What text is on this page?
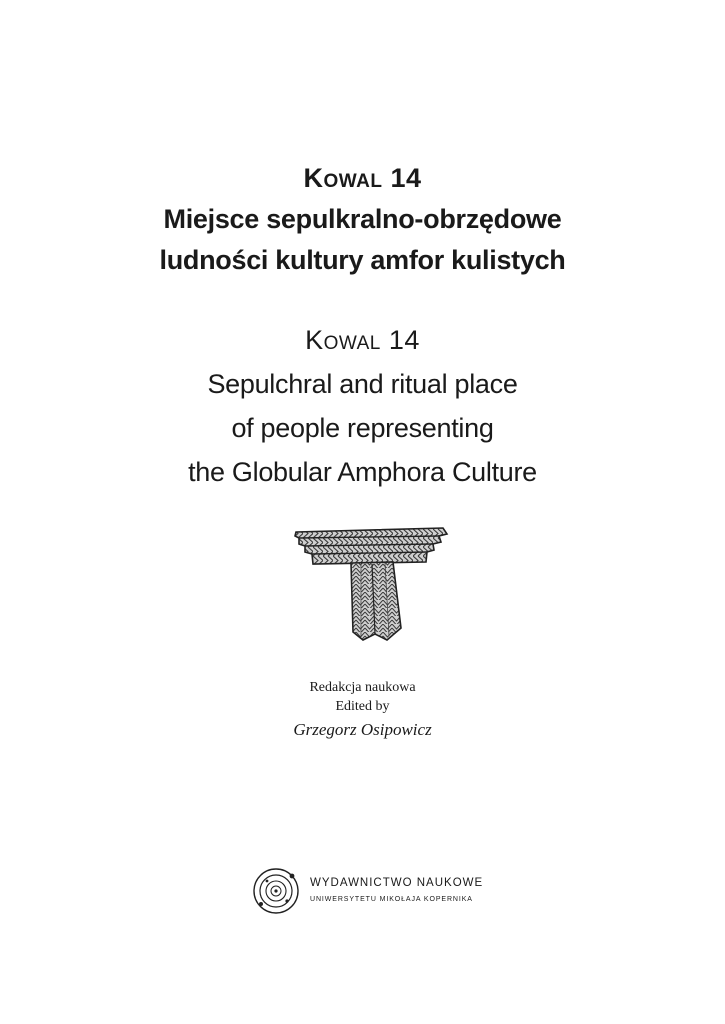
Kowal 14
Miejsce sepulkralno-obrzędowe
ludności kultury amfor kulistych
Kowal 14
Sepulchral and ritual place
of people representing
the Globular Amphora Culture
Redakcja naukowa
Edited by
Grzegorz Osipowicz
WYDAWNICTWO NAUKOWE
UNIWERSYTETU MIKOŁAJA KOPERNIKA
